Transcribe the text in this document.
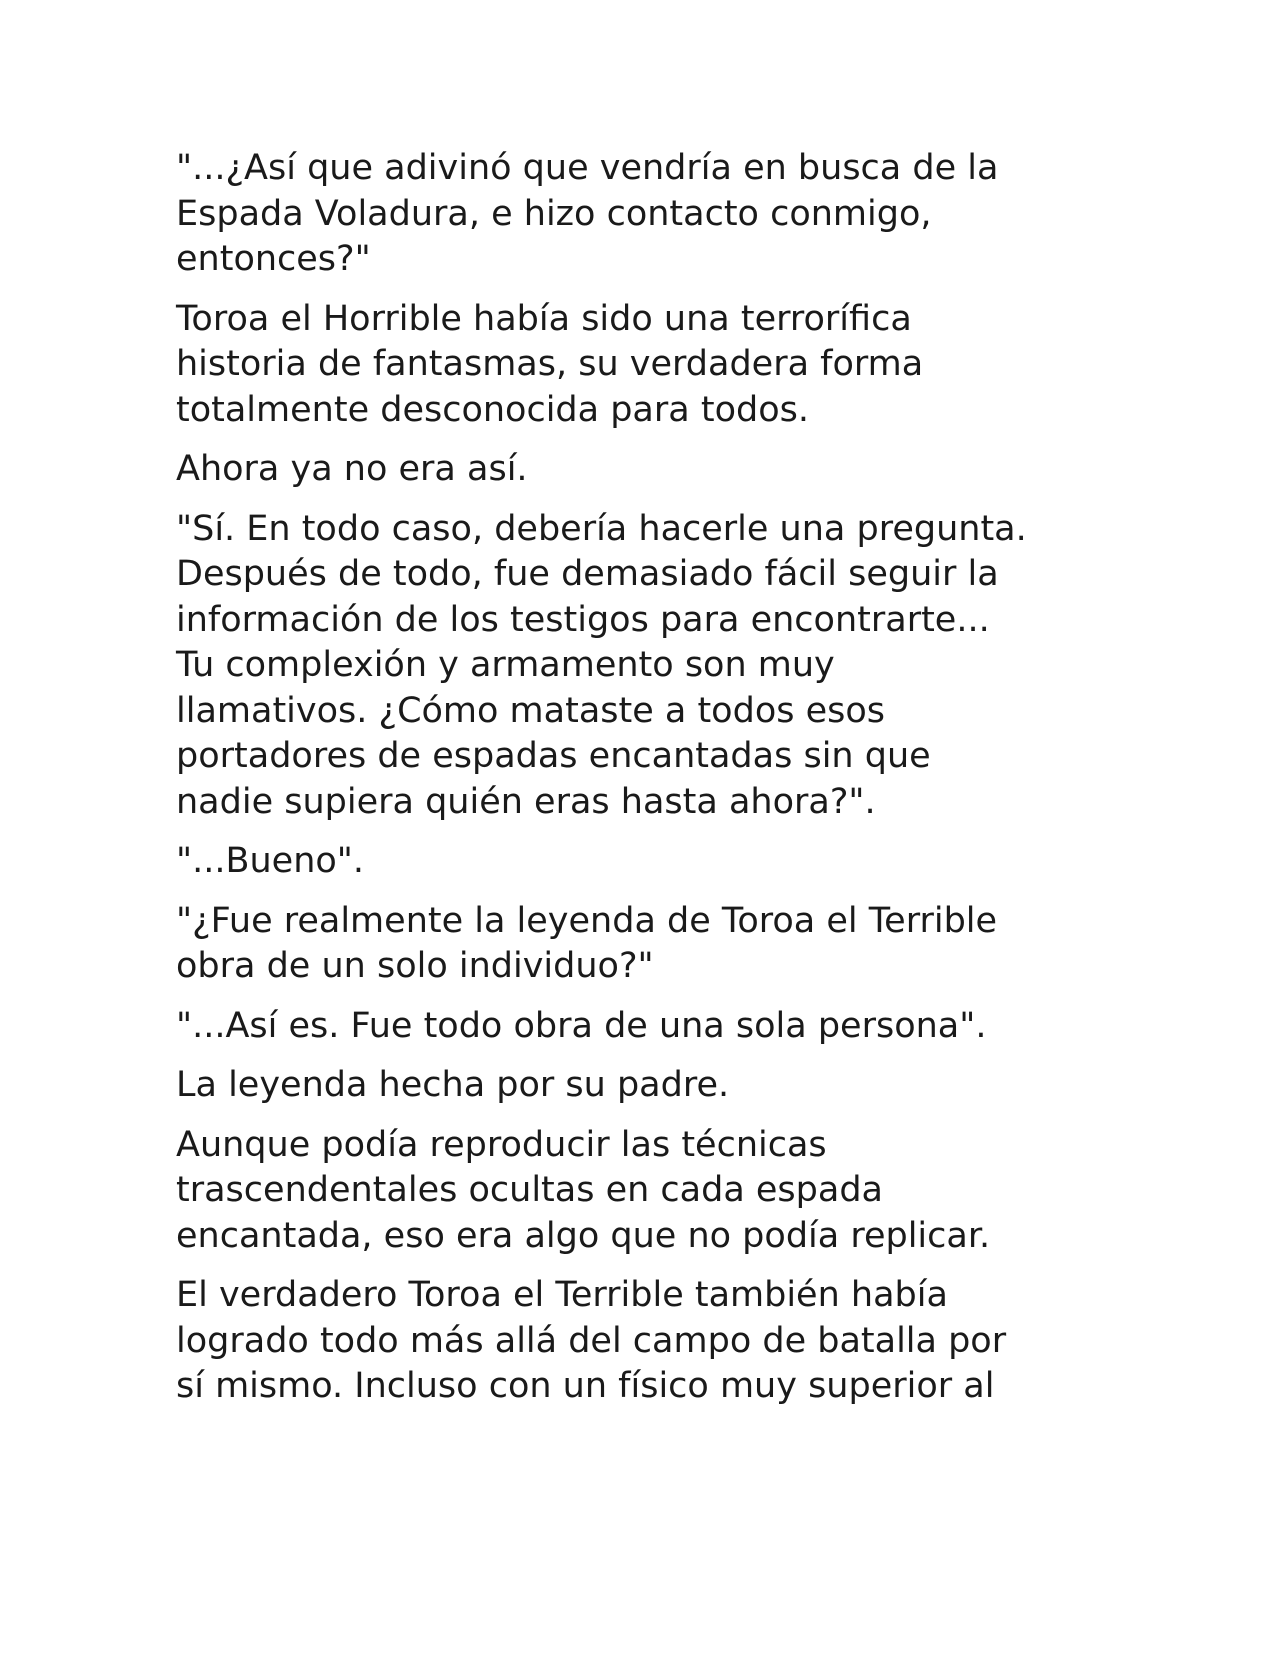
"...¿Así que adivinó que vendría en busca de la
Espada Voladura, e hizo contacto conmigo,
entonces?"

Toroa el Horrible había sido una terrorífica
historia de fantasmas, su verdadera forma
totalmente desconocida para todos.

Ahora ya no era así.

"Sí. En todo caso, debería hacerle una pregunta.
Después de todo, fue demasiado fácil seguir la
información de los testigos para encontrarte...
Tu complexión y armamento son muy
llamativos. ¿Cómo mataste a todos esos
portadores de espadas encantadas sin que
nadie supiera quién eras hasta ahora?".

"...Bueno".

"¿Fue realmente la leyenda de Toroa el Terrible
obra de un solo individuo?"

"...Así es. Fue todo obra de una sola persona".

La leyenda hecha por su padre.

Aunque podía reproducir las técnicas
trascendentales ocultas en cada espada
encantada, eso era algo que no podía replicar.

El verdadero Toroa el Terrible también había
logrado todo más allá del campo de batalla por
sí mismo. Incluso con un físico muy superior al
